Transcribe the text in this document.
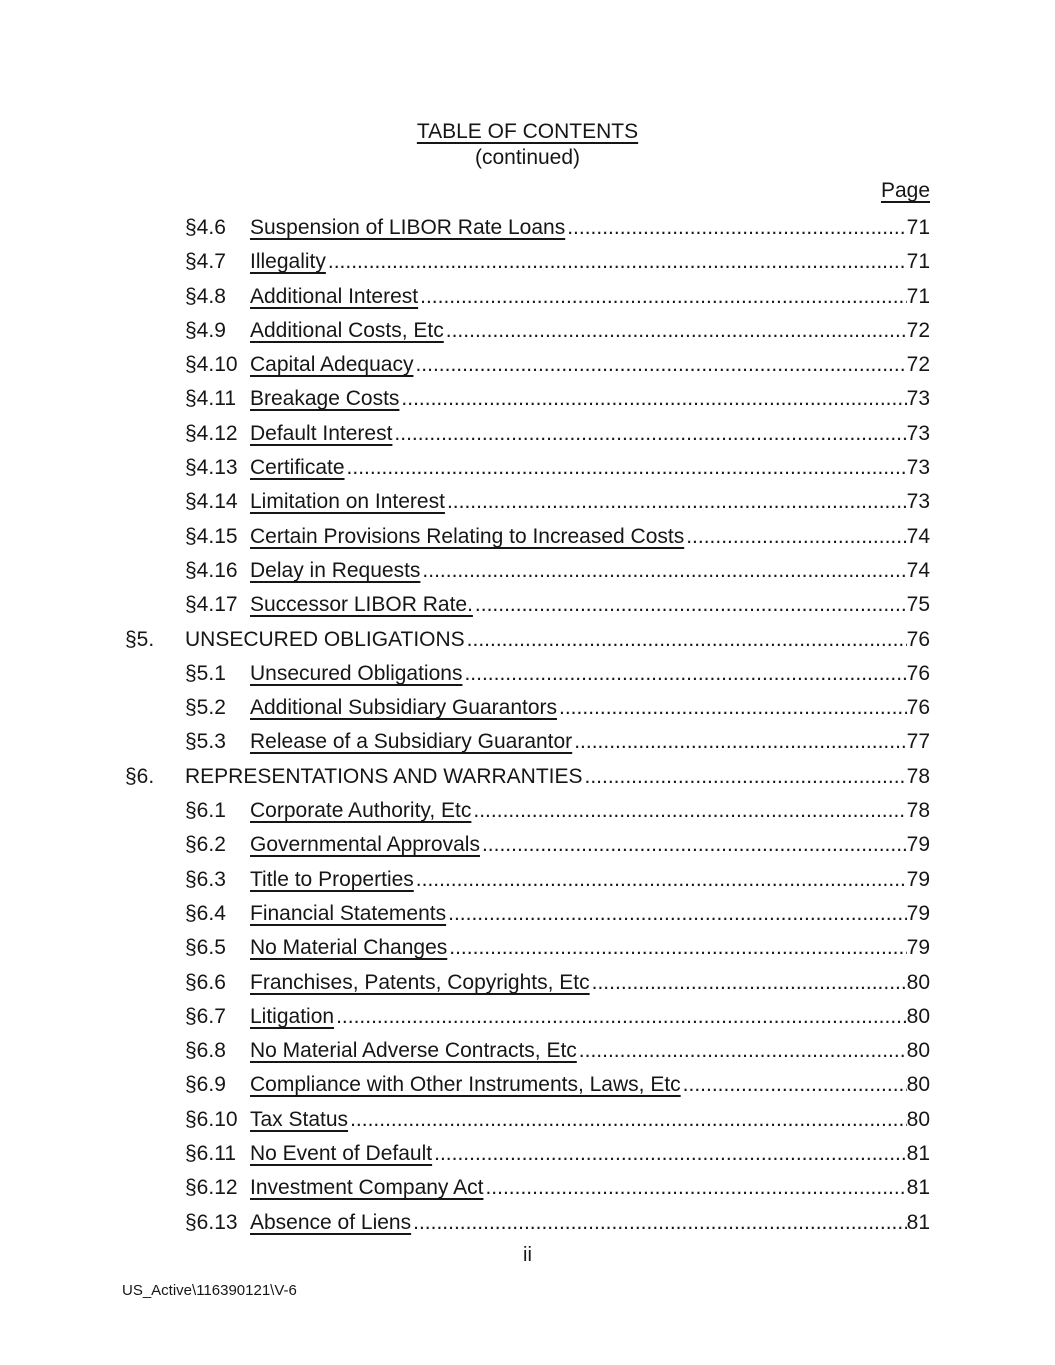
TABLE OF CONTENTS
(continued)
Page
§4.6	Suspension of LIBOR Rate Loans .....	71
§4.7	Illegality .....	71
§4.8	Additional Interest .....	71
§4.9	Additional Costs, Etc .....	72
§4.10 Capital Adequacy .....	72
§4.11 Breakage Costs .....	73
§4.12 Default Interest .....	73
§4.13 Certificate .....	73
§4.14 Limitation on Interest .....	73
§4.15 Certain Provisions Relating to Increased Costs .....	74
§4.16 Delay in Requests .....	74
§4.17 Successor LIBOR Rate. .....	75
§5.	UNSECURED OBLIGATIONS .....	76
§5.1	Unsecured Obligations .....	76
§5.2	Additional Subsidiary Guarantors .....	76
§5.3	Release of a Subsidiary Guarantor .....	77
§6.	REPRESENTATIONS AND WARRANTIES .....	78
§6.1	Corporate Authority, Etc .....	78
§6.2	Governmental Approvals .....	79
§6.3	Title to Properties .....	79
§6.4	Financial Statements .....	79
§6.5	No Material Changes .....	79
§6.6	Franchises, Patents, Copyrights, Etc .....	80
§6.7	Litigation .....	80
§6.8	No Material Adverse Contracts, Etc .....	80
§6.9	Compliance with Other Instruments, Laws, Etc .....	80
§6.10 Tax Status .....	80
§6.11 No Event of Default .....	81
§6.12 Investment Company Act .....	81
§6.13 Absence of Liens .....	81
ii
US_Active\116390121\V-6
